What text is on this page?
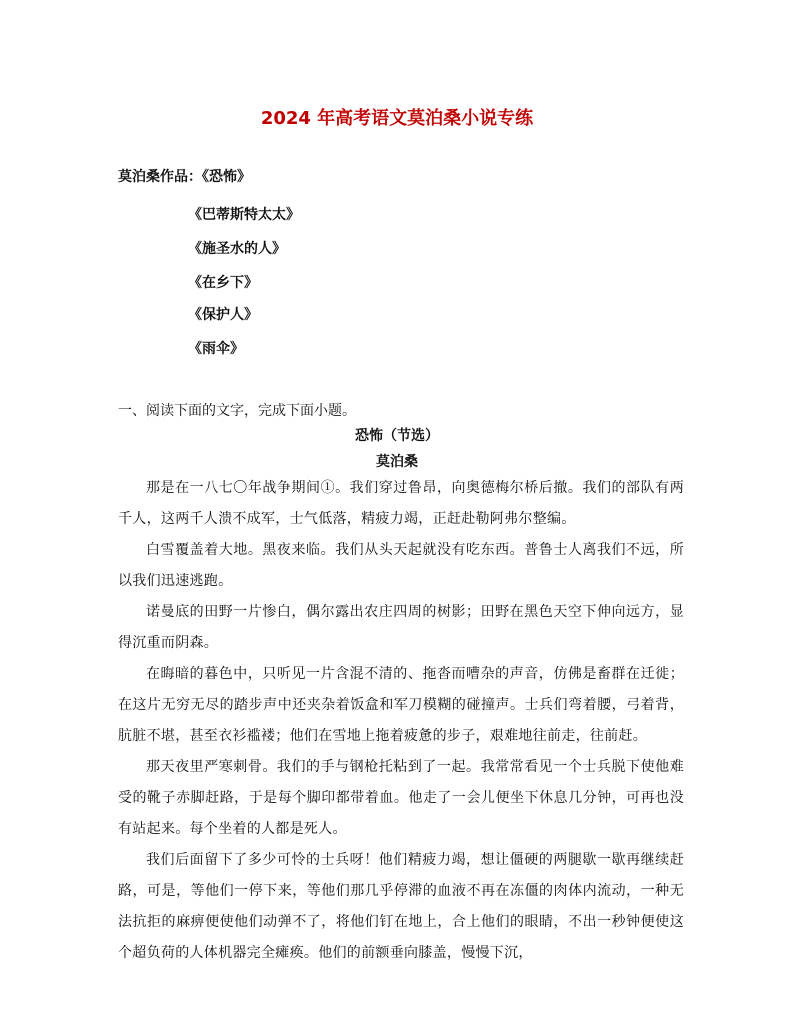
2024 年高考语文莫泊桑小说专练
莫泊桑作品：《恐怖》
《巴蒂斯特太太》
《施圣水的人》
《在乡下》
《保护人》
《雨伞》
一、阅读下面的文字，完成下面小题。
恐怖（节选）
莫泊桑

那是在一八七〇年战争期间①。我们穿过鲁昂，向奥德梅尔桥后撤。我们的部队有两千人，这两千人溃不成军，士气低落，精疲力竭，正赶赴勒阿弗尔整编。

白雪覆盖着大地。黑夜来临。我们从头天起就没有吃东西。普鲁士人离我们不远，所以我们迅速逃跑。

诺曼底的田野一片惨白，偶尔露出农庄四周的树影；田野在黑色天空下伸向远方，显得沉重而阴森。

在晦暗的暮色中，只听见一片含混不清的、拖沓而嘈杂的声音，仿佛是畜群在迁徙；在这片无穷无尽的踏步声中还夹杂着饭盒和军刀模糊的碰撞声。士兵们弯着腰，弓着背，肮脏不堪，甚至衣衫褴褛；他们在雪地上拖着疲惫的步子，艰难地往前走，往前赶。

那天夜里严寒刺骨。我们的手与钢枪托粘到了一起。我常常看见一个士兵脱下使他难受的靴子赤脚赶路，于是每个脚印都带着血。他走了一会儿便坐下休息几分钟，可再也没有站起来。每个坐着的人都是死人。

我们后面留下了多少可怜的士兵呀！他们精疲力竭，想让僵硬的两腿歇一歇再继续赶路，可是，等他们一停下来，等他们那几乎停滞的血液不再在冻僵的肉体内流动，一种无法抗拒的麻痹便使他们动弹不了，将他们钉在地上，合上他们的眼睛，不出一秒钟便使这个超负荷的人体机器完全瘫痪。他们的前额垂向膝盖，慢慢下沉，
